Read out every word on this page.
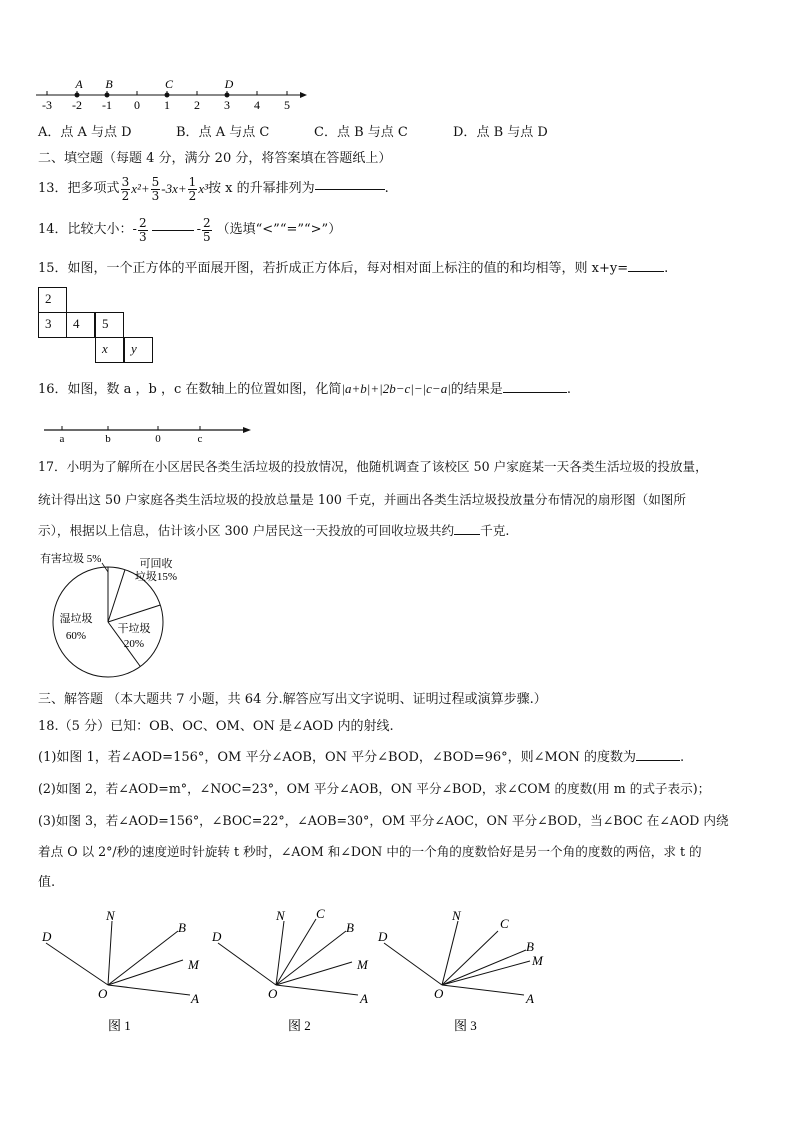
-3 -2 -1 0 1 2 3 4 5
A B	C	D
A．点 A 与点 D	B．点 A 与点 C	C．点 B 与点 C	D．点 B 与点 D
二、填空题（每题 4 分，满分 20 分，将答案填在答题纸上）
13． 把多项式 $\frac{3}{2} x^2+ \frac{5}{3} -3x+ \frac{1}{2} x^3$ 按 x 的升幂排列为	.
14． 比较大小：- $\frac{2}{3}$	- $\frac{2}{5}$ （选填“<”“=”“>”）
15．如图，一个正方体的平面展开图，若折成正方体后，每对相对面上标注的值的和均相等，则 x+y=	.
2
3	4	5
x	y
16．如图，数 a ，b ，c 在数轴上的位置如图，化简|a+b|+|2b−c|−|c−a|的结果是	.
a	b	0	c
17．小明为了解所在小区居民各类生活垃圾的投放情况，他随机调查了该校区 50 户家庭某一天各类生活垃圾的投放量，
统计得出这 50 户家庭各类生活垃圾的投放总量是 100 千克，并画出各类生活垃圾投放量分布情况的扇形图（如图所
示），根据以上信息，估计该小区 300 户居民这一天投放的可回收垃圾共约 千克.
有害垃圾 5%	可回收
垃圾15%
干垃圾
20%
湿垃圾
60%
三、解答题 （本大题共 7 小题，共 64 分.解答应写出文字说明、证明过程或演算步骤.）
18.（5 分）已知：OB、OC、OM、ON 是∠AOD 内的射线.
(1)如图 1，若∠AOD=156°，OM 平分∠AOB，ON 平分∠BOD，∠BOD=96°，则∠MON 的度数为	.
(2)如图 2，若∠AOD=m°，∠NOC=23°，OM 平分∠AOB，ON 平分∠BOD，求∠COM 的度数(用 m 的式子表示)；
(3)如图 3，若∠AOD=156°，∠BOC=22°，∠AOB=30°，OM 平分∠AOC，ON 平分∠BOD，当∠BOC 在∠AOD 内绕
着点 O 以 2°/秒的速度逆时针旋转 t 秒时，∠AOM 和∠DON 中的一个角的度数恰好是另一个角的度数的两倍，求 t 的
值.
D
N
B
M
O	A
图 1
D
N C
B
M
O	A
图 2
D
N
C
B
M
O	A
图 3
